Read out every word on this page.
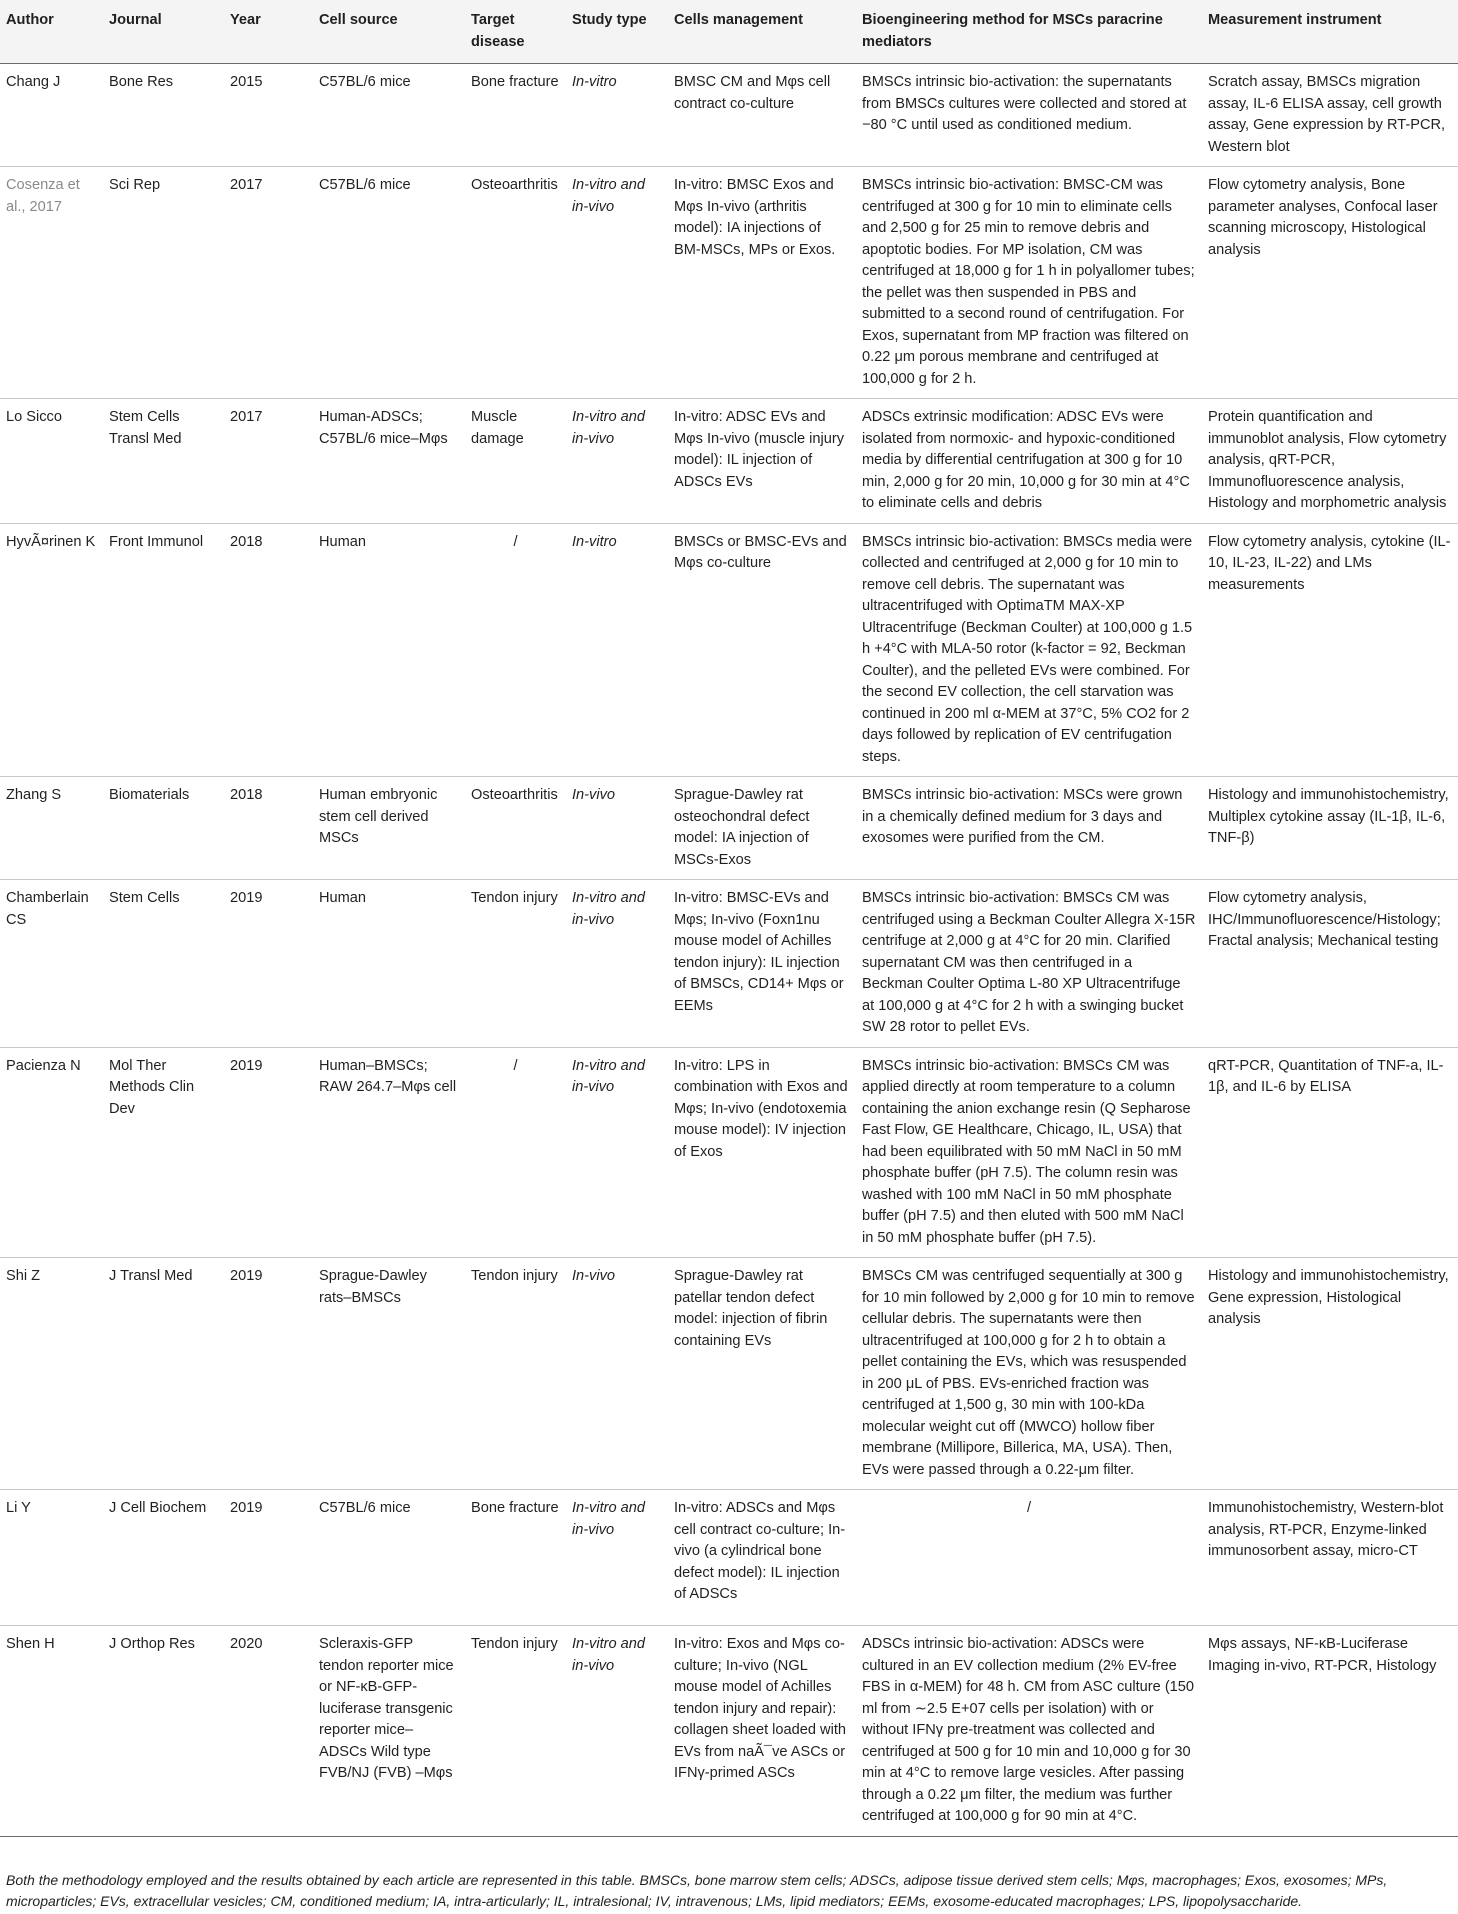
Author	Journal	Year	Cell source	Target disease	Study type	Cells management	Bioengineering method for MSCs paracrine mediators	Measurement instrument
Chang J	Bone Res	2015	C57BL/6 mice	Bone fracture	In-vitro	BMSC CM and Mφs cell contract co-culture	BMSCs intrinsic bio-activation: the supernatants from BMSCs cultures were collected and stored at −80 °C until used as conditioned medium.	Scratch assay, BMSCs migration assay, IL-6 ELISA assay, cell growth assay, Gene expression by RT-PCR, Western blot
Cosenza et al., 2017	Sci Rep	2017	C57BL/6 mice	Osteoarthritis	In-vitro and in-vivo	In-vitro: BMSC Exos and Mφs In-vivo (arthritis model): IA injections of BM-MSCs, MPs or Exos.	BMSCs intrinsic bio-activation: BMSC-CM was centrifuged at 300 g for 10 min to eliminate cells and 2,500 g for 25 min to remove debris and apoptotic bodies. For MP isolation, CM was centrifuged at 18,000 g for 1 h in polyallomer tubes; the pellet was then suspended in PBS and submitted to a second round of centrifugation. For Exos, supernatant from MP fraction was filtered on 0.22 μm porous membrane and centrifuged at 100,000 g for 2 h.	Flow cytometry analysis, Bone parameter analyses, Confocal laser scanning microscopy, Histological analysis
Lo Sicco	Stem Cells Transl Med	2017	Human-ADSCs; C57BL/6 mice–Mφs	Muscle damage	In-vitro and in-vivo	In-vitro: ADSC EVs and Mφs In-vivo (muscle injury model): IL injection of ADSCs EVs	ADSCs extrinsic modification: ADSC EVs were isolated from normoxic- and hypoxic-conditioned media by differential centrifugation at 300 g for 10 min, 2,000 g for 20 min, 10,000 g for 30 min at 4°C to eliminate cells and debris	Protein quantification and immunoblot analysis, Flow cytometry analysis, qRT-PCR, Immunofluorescence analysis, Histology and morphometric analysis
HyvÃ¤rinen K	Front Immunol	2018	Human	/	In-vitro	BMSCs or BMSC-EVs and Mφs co-culture	BMSCs intrinsic bio-activation: BMSCs media were collected and centrifuged at 2,000 g for 10 min to remove cell debris. The supernatant was ultracentrifuged with OptimaTM MAX-XP Ultracentrifuge (Beckman Coulter) at 100,000 g 1.5 h +4°C with MLA-50 rotor (k-factor = 92, Beckman Coulter), and the pelleted EVs were combined. For the second EV collection, the cell starvation was continued in 200 ml α-MEM at 37°C, 5% CO2 for 2 days followed by replication of EV centrifugation steps.	Flow cytometry analysis, cytokine (IL-10, IL-23, IL-22) and LMs measurements
Zhang S	Biomaterials	2018	Human embryonic stem cell derived MSCs	Osteoarthritis	In-vivo	Sprague-Dawley rat osteochondral defect model: IA injection of MSCs-Exos	BMSCs intrinsic bio-activation: MSCs were grown in a chemically defined medium for 3 days and exosomes were purified from the CM.	Histology and immunohistochemistry, Multiplex cytokine assay (IL-1β, IL-6, TNF-β)
Chamberlain CS	Stem Cells	2019	Human	Tendon injury	In-vitro and in-vivo	In-vitro: BMSC-EVs and Mφs; In-vivo (Foxn1nu mouse model of Achilles tendon injury): IL injection of BMSCs, CD14+ Mφs or EEMs	BMSCs intrinsic bio-activation: BMSCs CM was centrifuged using a Beckman Coulter Allegra X-15R centrifuge at 2,000 g at 4°C for 20 min. Clarified supernatant CM was then centrifuged in a Beckman Coulter Optima L-80 XP Ultracentrifuge at 100,000 g at 4°C for 2 h with a swinging bucket SW 28 rotor to pellet EVs.	Flow cytometry analysis, IHC/Immunofluorescence/Histology; Fractal analysis; Mechanical testing
Pacienza N	Mol Ther Methods Clin Dev	2019	Human–BMSCs; RAW 264.7–Mφs cell	/	In-vitro and in-vivo	In-vitro: LPS in combination with Exos and Mφs; In-vivo (endotoxemia mouse model): IV injection of Exos	BMSCs intrinsic bio-activation: BMSCs CM was applied directly at room temperature to a column containing the anion exchange resin (Q Sepharose Fast Flow, GE Healthcare, Chicago, IL, USA) that had been equilibrated with 50 mM NaCl in 50 mM phosphate buffer (pH 7.5). The column resin was washed with 100 mM NaCl in 50 mM phosphate buffer (pH 7.5) and then eluted with 500 mM NaCl in 50 mM phosphate buffer (pH 7.5).	qRT-PCR, Quantitation of TNF-a, IL-1β, and IL-6 by ELISA
Shi Z	J Transl Med	2019	Sprague-Dawley rats–BMSCs	Tendon injury	In-vivo	Sprague-Dawley rat patellar tendon defect model: injection of fibrin containing EVs	BMSCs CM was centrifuged sequentially at 300 g for 10 min followed by 2,000 g for 10 min to remove cellular debris. The supernatants were then ultracentrifuged at 100,000 g for 2 h to obtain a pellet containing the EVs, which was resuspended in 200 μL of PBS. EVs-enriched fraction was centrifuged at 1,500 g, 30 min with 100-kDa molecular weight cut off (MWCO) hollow fiber membrane (Millipore, Billerica, MA, USA). Then, EVs were passed through a 0.22-μm filter.	Histology and immunohistochemistry, Gene expression, Histological analysis
Li Y	J Cell Biochem	2019	C57BL/6 mice	Bone fracture	In-vitro and in-vivo	In-vitro: ADSCs and Mφs cell contract co-culture; In-vivo (a cylindrical bone defect model): IL injection of ADSCs	/	Immunohistochemistry, Western-blot analysis, RT-PCR, Enzyme-linked immunosorbent assay, micro-CT
Shen H	J Orthop Res	2020	Scleraxis-GFP tendon reporter mice or NF-κB-GFP-luciferase transgenic reporter mice–ADSCs Wild type FVB/NJ (FVB) –Mφs	Tendon injury	In-vitro and in-vivo	In-vitro: Exos and Mφs co-culture; In-vivo (NGL mouse model of Achilles tendon injury and repair): collagen sheet loaded with EVs from naÃ¯ve ASCs or IFNγ-primed ASCs	ADSCs intrinsic bio-activation: ADSCs were cultured in an EV collection medium (2% EV-free FBS in α-MEM) for 48 h. CM from ASC culture (150 ml from ∼2.5 E+07 cells per isolation) with or without IFNγ pre-treatment was collected and centrifuged at 500 g for 10 min and 10,000 g for 30 min at 4°C to remove large vesicles. After passing through a 0.22 μm filter, the medium was further centrifuged at 100,000 g for 90 min at 4°C.	Mφs assays, NF-κB-Luciferase Imaging in-vivo, RT-PCR, Histology
Both the methodology employed and the results obtained by each article are represented in this table. BMSCs, bone marrow stem cells; ADSCs, adipose tissue derived stem cells; Mφs, macrophages; Exos, exosomes; MPs, microparticles; EVs, extracellular vesicles; CM, conditioned medium; IA, intra-articularly; IL, intralesional; IV, intravenous; LMs, lipid mediators; EEMs, exosome-educated macrophages; LPS, lipopolysaccharide.
